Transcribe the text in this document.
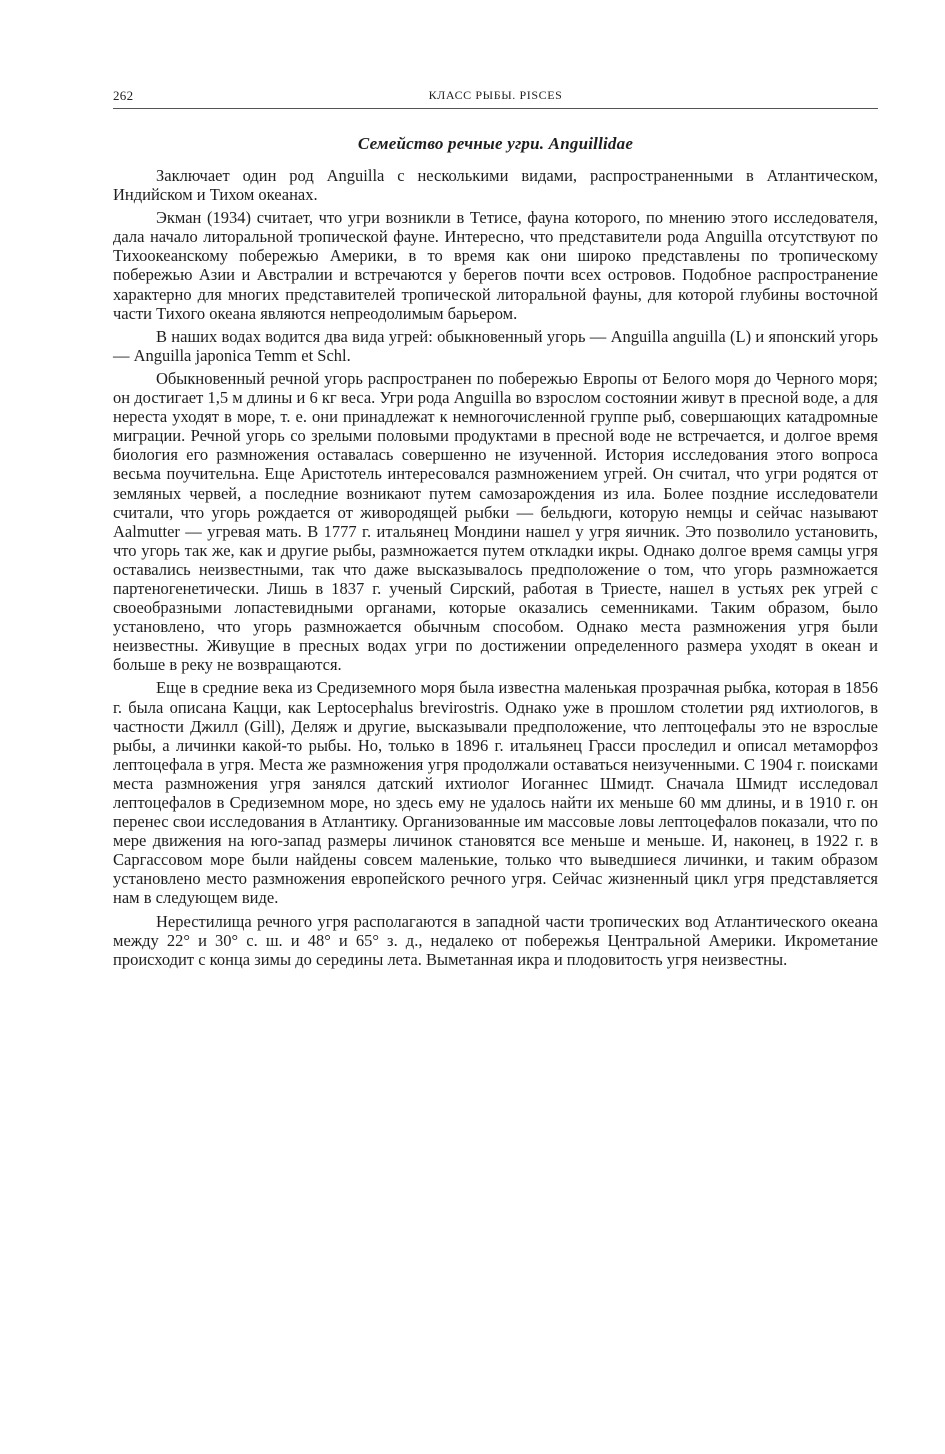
262	КЛАСС РЫБЫ. PISCES
Семейство речные угри. Anguillidae

Заключает один род Anguilla с несколькими видами, распространенными в Атлантическом, Индийском и Тихом океанах.

Экман (1934) считает, что угри возникли в Тетисе, фауна которого, по мнению этого исследователя, дала начало литоральной тропической фауне. Интересно, что представители рода Anguilla отсутствуют по Тихоокеанскому побережью Америки, в то время как они широко представлены по тропическому побережью Азии и Австралии и встречаются у берегов почти всех островов. Подобное распространение характерно для многих представителей тропической литоральной фауны, для которой глубины восточной части Тихого океана являются непреодолимым барьером.

В наших водах водится два вида угрей: обыкновенный угорь — Anguilla anguilla (L) и японский угорь — Anguilla japonica Temm et Schl.

Обыкновенный речной угорь распространен по побережью Европы от Белого моря до Черного моря; он достигает 1,5 м длины и 6 кг веса. Угри рода Anguilla во взрослом состоянии живут в пресной воде, а для нереста уходят в море, т. е. они принадлежат к немногочисленной группе рыб, совершающих катадромные миграции. Речной угорь со зрелыми половыми продуктами в пресной воде не встречается, и долгое время биология его размножения оставалась совершенно не изученной. История исследования этого вопроса весьма поучительна. Еще Аристотель интересовался размножением угрей. Он считал, что угри родятся от земляных червей, а последние возникают путем самозарождения из ила. Более поздние исследователи считали, что угорь рождается от живородящей рыбки — бельдюги, которую немцы и сейчас называют Aalmutter — угревая мать. В 1777 г. итальянец Мондини нашел у угря яичник. Это позволило установить, что угорь так же, как и другие рыбы, размножается путем откладки икры. Однако долгое время самцы угря оставались неизвестными, так что даже высказывалось предположение о том, что угорь размножается партеногенетически. Лишь в 1837 г. ученый Сирский, работая в Триесте, нашел в устьях рек угрей с своеобразными лопастевидными органами, которые оказались семенниками. Таким образом, было установлено, что угорь размножается обычным способом. Однако места размножения угря были неизвестны. Живущие в пресных водах угри по достижении определенного размера уходят в океан и больше в реку не возвращаются.

Еще в средние века из Средиземного моря была известна маленькая прозрачная рыбка, которая в 1856 г. была описана Кацци, как Leptocephalus brevirostris. Однако уже в прошлом столетии ряд ихтиологов, в частности Джилл (Gill), Деляж и другие, высказывали предположение, что лептоцефалы это не взрослые рыбы, а личинки какой-то рыбы. Но, только в 1896 г. итальянец Грасси проследил и описал метаморфоз лептоцефала в угря. Места же размножения угря продолжали оставаться неизученными. С 1904 г. поисками места размножения угря занялся датский ихтиолог Иоганнес Шмидт. Сначала Шмидт исследовал лептоцефалов в Средиземном море, но здесь ему не удалось найти их меньше 60 мм длины, и в 1910 г. он перенес свои исследования в Атлантику. Организованные им массовые ловы лептоцефалов показали, что по мере движения на юго-запад размеры личинок становятся все меньше и меньше. И, наконец, в 1922 г. в Саргассовом море были найдены совсем маленькие, только что выведшиеся личинки, и таким образом установлено место размножения европейского речного угря. Сейчас жизненный цикл угря представляется нам в следующем виде.

Нерестилища речного угря располагаются в западной части тропических вод Атлантического океана между 22° и 30° с. ш. и 48° и 65° з. д., недалеко от побережья Центральной Америки. Икрометание происходит с конца зимы до середины лета. Выметанная икра и плодовитость угря неизвестны.
